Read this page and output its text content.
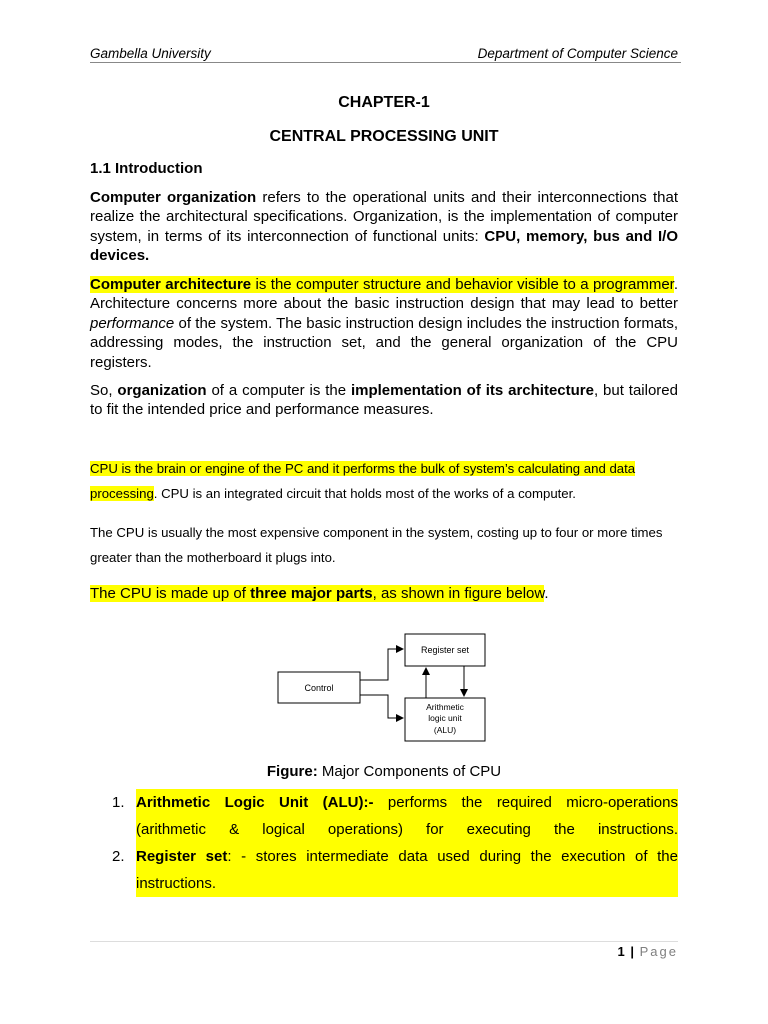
Gambella University	Department of Computer Science
CHAPTER-1
CENTRAL PROCESSING UNIT
1.1 Introduction
Computer organization refers to the operational units and their interconnections that realize the architectural specifications. Organization, is the implementation of computer system, in terms of its interconnection of functional units: CPU, memory, bus and I/O devices.
Computer architecture is the computer structure and behavior visible to a programmer. Architecture concerns more about the basic instruction design that may lead to better performance of the system. The basic instruction design includes the instruction formats, addressing modes, the instruction set, and the general organization of the CPU registers.
So, organization of a computer is the implementation of its architecture, but tailored to fit the intended price and performance measures.
CPU is the brain or engine of the PC and it performs the bulk of system’s calculating and data processing. CPU is an integrated circuit that holds most of the works of a computer.
The CPU is usually the most expensive component in the system, costing up to four or more times greater than the motherboard it plugs into.
The CPU is made up of three major parts, as shown in figure below.
Control
Register set
Arithmetic
logic unit
(ALU)
Figure: Major Components of CPU
1. Arithmetic Logic Unit (ALU):- performs the required micro-operations (arithmetic & logical operations) for executing the instructions.
2. Register set: - stores intermediate data used during the execution of the instructions.
1 | Page
